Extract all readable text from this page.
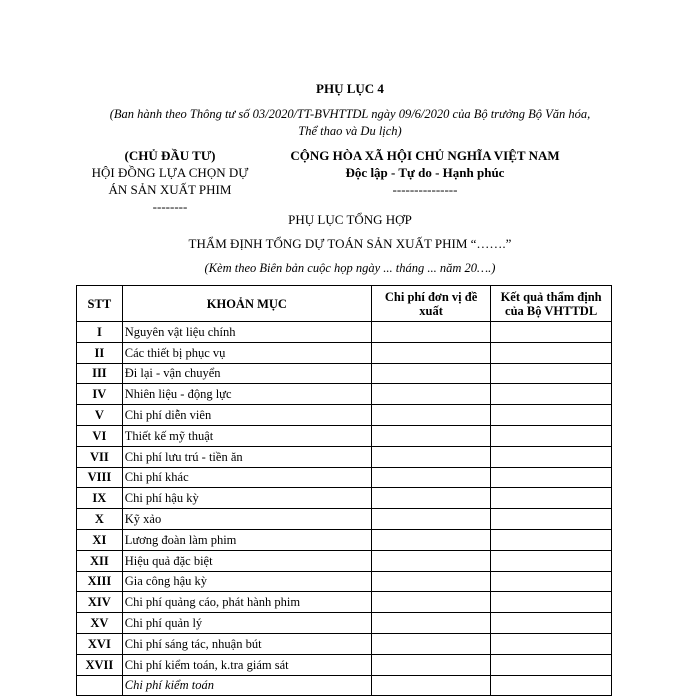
PHỤ LỤC 4
(Ban hành theo Thông tư số 03/2020/TT-BVHTTDL ngày 09/6/2020 của Bộ trưởng Bộ Văn hóa,
Thể thao và Du lịch)
(CHỦ ĐẦU TƯ)
HỘI ĐỒNG LỰA CHỌN DỰ
ÁN SẢN XUẤT PHIM
--------
CỘNG HÒA XÃ HỘI CHỦ NGHĨA VIỆT NAM
Độc lập - Tự do - Hạnh phúc
---------------
PHỤ LỤC TỔNG HỢP
THẨM ĐỊNH TỔNG DỰ TOÁN SẢN XUẤT PHIM “…….”
(Kèm theo Biên bản cuộc họp ngày ... tháng ... năm 20….)
STT	KHOẢN MỤC	Chi phí đơn vị đề xuất	Kết quả thẩm định của Bộ VHTTDL
I	Nguyên vật liệu chính		
II	Các thiết bị phục vụ		
III	Đi lại - vận chuyển		
IV	Nhiên liệu - động lực		
V	Chi phí diễn viên		
VI	Thiết kế mỹ thuật		
VII	Chi phí lưu trú - tiền ăn		
VIII	Chi phí khác		
IX	Chi phí hậu kỳ		
X	Kỹ xảo		
XI	Lương đoàn làm phim		
XII	Hiệu quả đặc biệt		
XIII	Gia công hậu kỳ		
XIV	Chi phí quảng cáo, phát hành phim		
XV	Chi phí quản lý		
XVI	Chi phí sáng tác, nhuận bút		
XVII	Chi phí kiểm toán, k.tra giám sát		
	Chi phí kiểm toán		
